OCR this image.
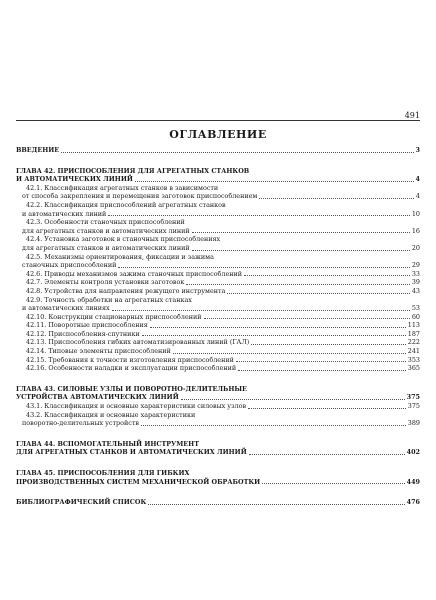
491
ОГЛАВЛЕНИЕ
ВВЕДЕНИЕ	3
ГЛАВА 42. ПРИСПОСОБЛЕНИЯ ДЛЯ АГРЕГАТНЫХ СТАНКОВ
И АВТОМАТИЧЕСКИХ ЛИНИЙ	4
42.1. Классификация агрегатных станков в зависимости
от способа закрепления и перемещения заготовок приспособлением	4
42.2. Классификация приспособлений агрегатных станков
и автоматических линий	10
42.3. Особенности станочных приспособлений
для агрегатных станков и автоматических линий	16
42.4. Установка заготовок в станочных приспособлениях
для агрегатных станков и автоматических линий	20
42.5. Механизмы ориентирования, фиксации и зажима
станочных приспособлений	29
42.6. Приводы механизмов зажима станочных приспособлений	33
42.7. Элементы контроля установки заготовок	39
42.8. Устройства для направления режущего инструмента	43
42.9. Точность обработки на агрегатных станках
и автоматических линиях	53
42.10. Конструкции стационарных приспособлений	60
42.11. Поворотные приспособления	113
42.12. Приспособления-спутники	187
42.13. Приспособления гибких автоматизированных линий (ГАЛ)	222
42.14. Типовые элементы приспособлений	241
42.15. Требования к точности изготовления приспособлений	353
42.16. Особенности наладки и эксплуатации приспособлений	365
ГЛАВА 43. СИЛОВЫЕ УЗЛЫ И ПОВОРОТНО-ДЕЛИТЕЛЬНЫЕ
УСТРОЙСТВА АВТОМАТИЧЕСКИХ ЛИНИЙ	375
43.1. Классификация и основные характеристики силовых узлов	375
43.2. Классификация и основные характеристики
поворотно-делительных устройств	389
ГЛАВА 44. ВСПОМОГАТЕЛЬНЫЙ ИНСТРУМЕНТ
ДЛЯ АГРЕГАТНЫХ СТАНКОВ И АВТОМАТИЧЕСКИХ ЛИНИЙ	402
ГЛАВА 45. ПРИСПОСОБЛЕНИЯ ДЛЯ ГИБКИХ
ПРОИЗВОДСТВЕННЫХ СИСТЕМ МЕХАНИЧЕСКОЙ ОБРАБОТКИ	449
БИБЛИОГРАФИЧЕСКИЙ СПИСОК	476
